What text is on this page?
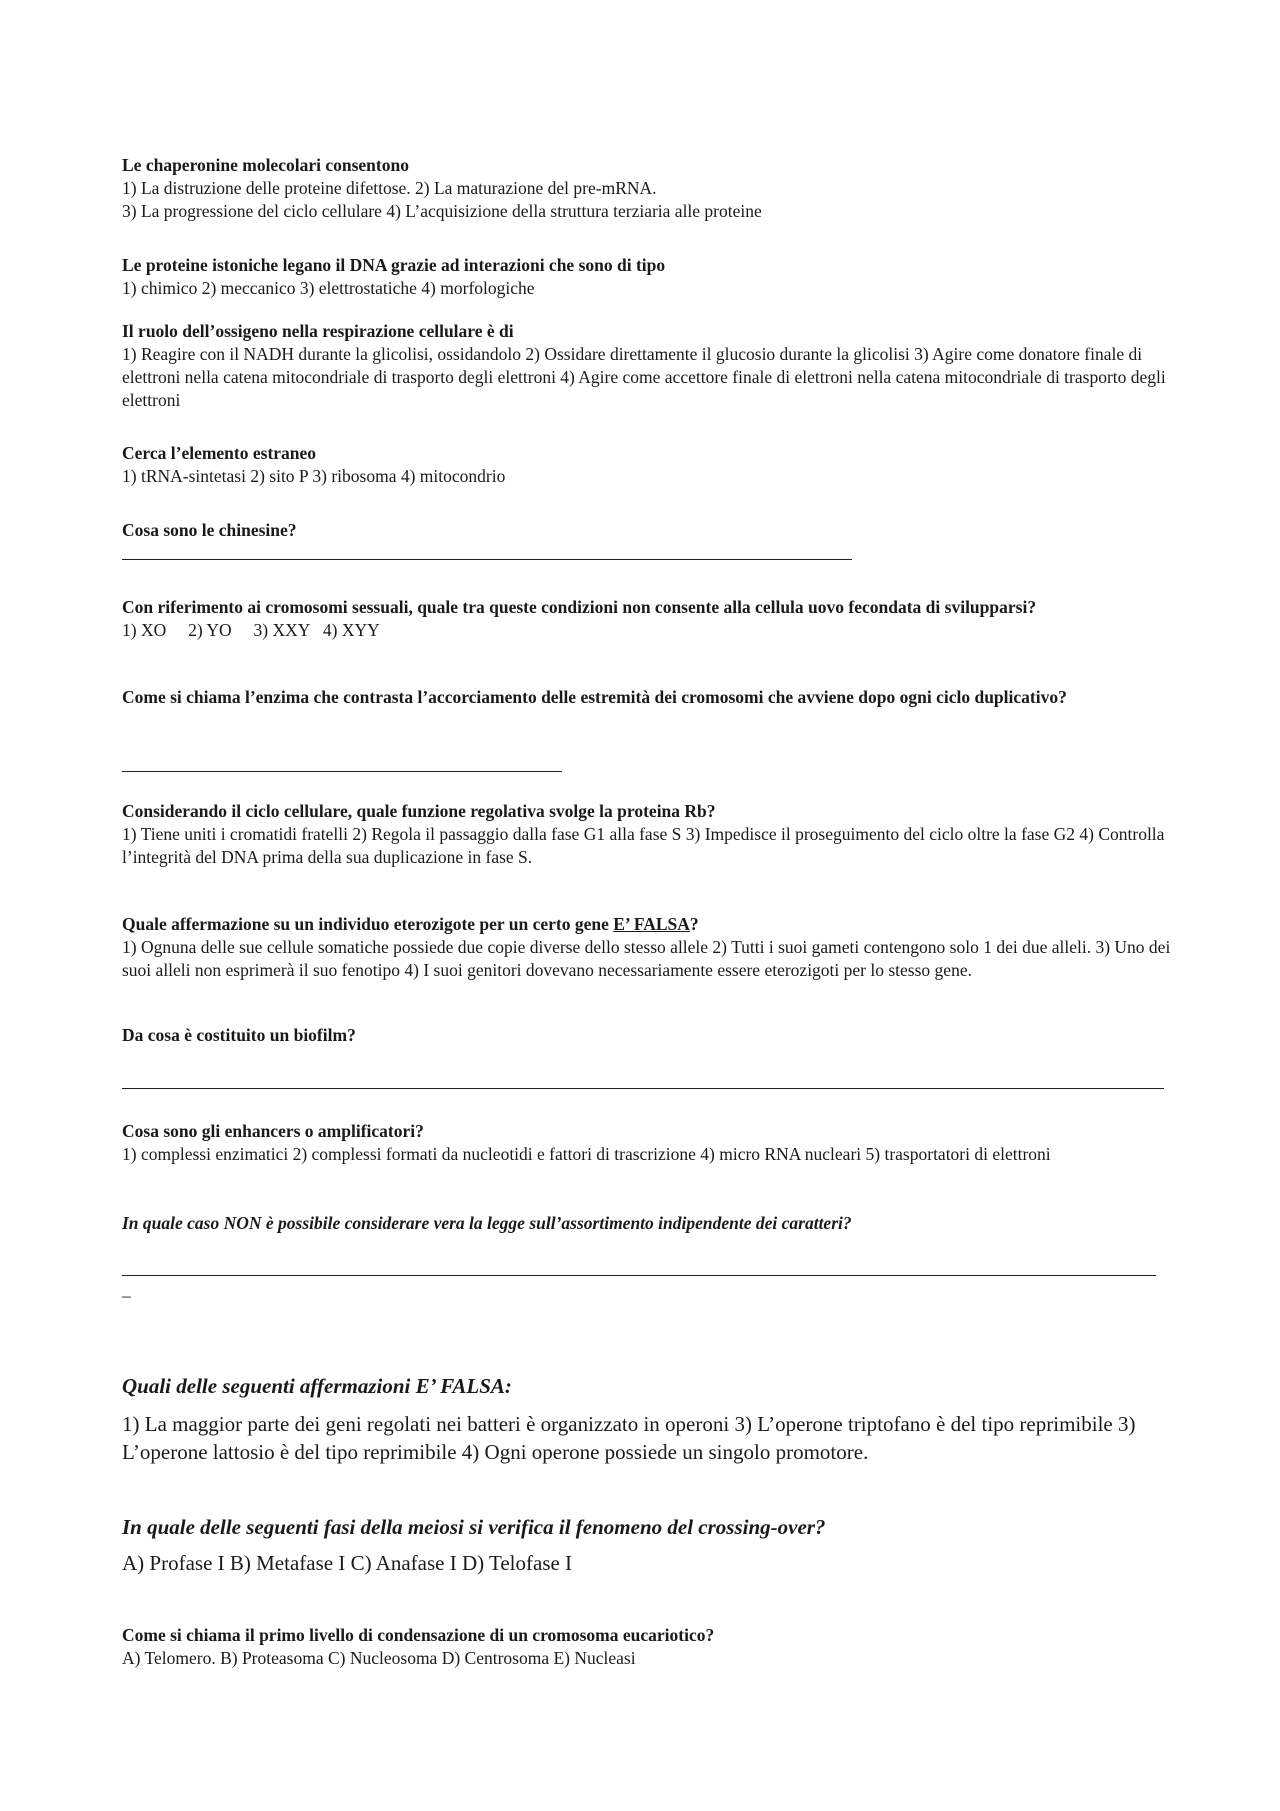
Le chaperonine molecolari consentono

1) La distruzione delle proteine difettose. 2) La maturazione del pre-mRNA.

3) La progressione del ciclo cellulare 4) L’acquisizione della struttura terziaria alle proteine

Le proteine istoniche legano il DNA grazie ad interazioni che sono di tipo

1) chimico 2) meccanico 3) elettrostatiche 4) morfologiche

Il ruolo dell’ossigeno nella respirazione cellulare è di

1) Reagire con il NADH durante la glicolisi, ossidandolo 2) Ossidare direttamente il glucosio durante la glicolisi 3) Agire come donatore finale di elettroni nella catena mitocondriale di trasporto degli elettroni 4) Agire come accettore finale di elettroni nella catena mitocondriale di trasporto degli elettroni

Cerca l’elemento estraneo

1) tRNA-sintetasi 2) sito P 3) ribosoma 4) mitocondrio

Cosa sono le chinesine?

Con riferimento ai cromosomi sessuali, quale tra queste condizioni non consente alla cellula uovo fecondata di svilupparsi?

1) XO     2) YO     3) XXY   4) XYY

Come si chiama l’enzima che contrasta l’accorciamento delle estremità dei cromosomi che avviene dopo ogni ciclo duplicativo?

Considerando il ciclo cellulare, quale funzione regolativa svolge la proteina Rb?

1) Tiene uniti i cromatidi fratelli 2) Regola il passaggio dalla fase G1 alla fase S 3) Impedisce il proseguimento del ciclo oltre la fase G2 4) Controlla l’integrità del DNA prima della sua duplicazione in fase S.

Quale affermazione su un individuo eterozigote per un certo gene E’ FALSA?

1) Ognuna delle sue cellule somatiche possiede due copie diverse dello stesso allele 2) Tutti i suoi gameti contengono solo 1 dei due alleli. 3) Uno dei suoi alleli non esprimerà il suo fenotipo 4) I suoi genitori dovevano necessariamente essere eterozigoti per lo stesso gene.

Da cosa è costituito un biofilm?

Cosa sono gli enhancers o amplificatori?

1) complessi enzimatici 2) complessi formati da nucleotidi e fattori di trascrizione 4) micro RNA nucleari 5) trasportatori di elettroni

In quale caso NON è possibile considerare vera la legge sull’assortimento indipendente dei caratteri?

_

Quali delle seguenti affermazioni E’ FALSA:

1) La maggior parte dei geni regolati nei batteri è organizzato in operoni 3) L’operone triptofano è del tipo reprimibile 3) L’operone lattosio è del tipo reprimibile 4) Ogni operone possiede un singolo promotore.

In quale delle seguenti fasi della meiosi si verifica il fenomeno del crossing-over?

A) Profase I B) Metafase I C) Anafase I D) Telofase I

Come si chiama il primo livello di condensazione di un cromosoma eucariotico?

A) Telomero. B) Proteasoma C) Nucleosoma D) Centrosoma E) Nucleasi
